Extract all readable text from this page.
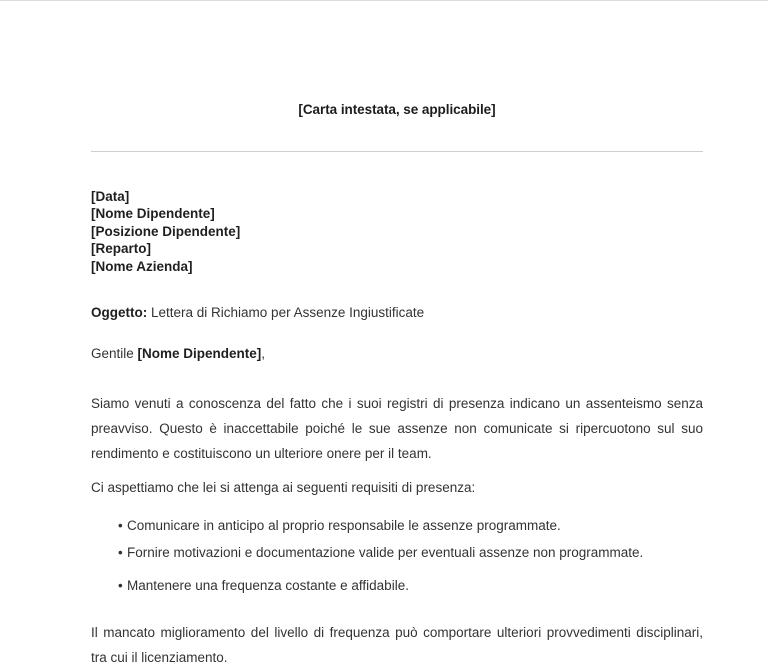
[Carta intestata, se applicabile]
[Data]
[Nome Dipendente]
[Posizione Dipendente]
[Reparto]
[Nome Azienda]
Oggetto: Lettera di Richiamo per Assenze Ingiustificate
Gentile [Nome Dipendente],

Siamo venuti a conoscenza del fatto che i suoi registri di presenza indicano un assenteismo senza preavviso. Questo è inaccettabile poiché le sue assenze non comunicate si ripercuotono sul suo rendimento e costituiscono un ulteriore onere per il team.

Ci aspettiamo che lei si attenga ai seguenti requisiti di presenza:

• Comunicare in anticipo al proprio responsabile le assenze programmate.
• Fornire motivazioni e documentazione valide per eventuali assenze non programmate.
• Mantenere una frequenza costante e affidabile.

Il mancato miglioramento del livello di frequenza può comportare ulteriori provvedimenti disciplinari, tra cui il licenziamento.
